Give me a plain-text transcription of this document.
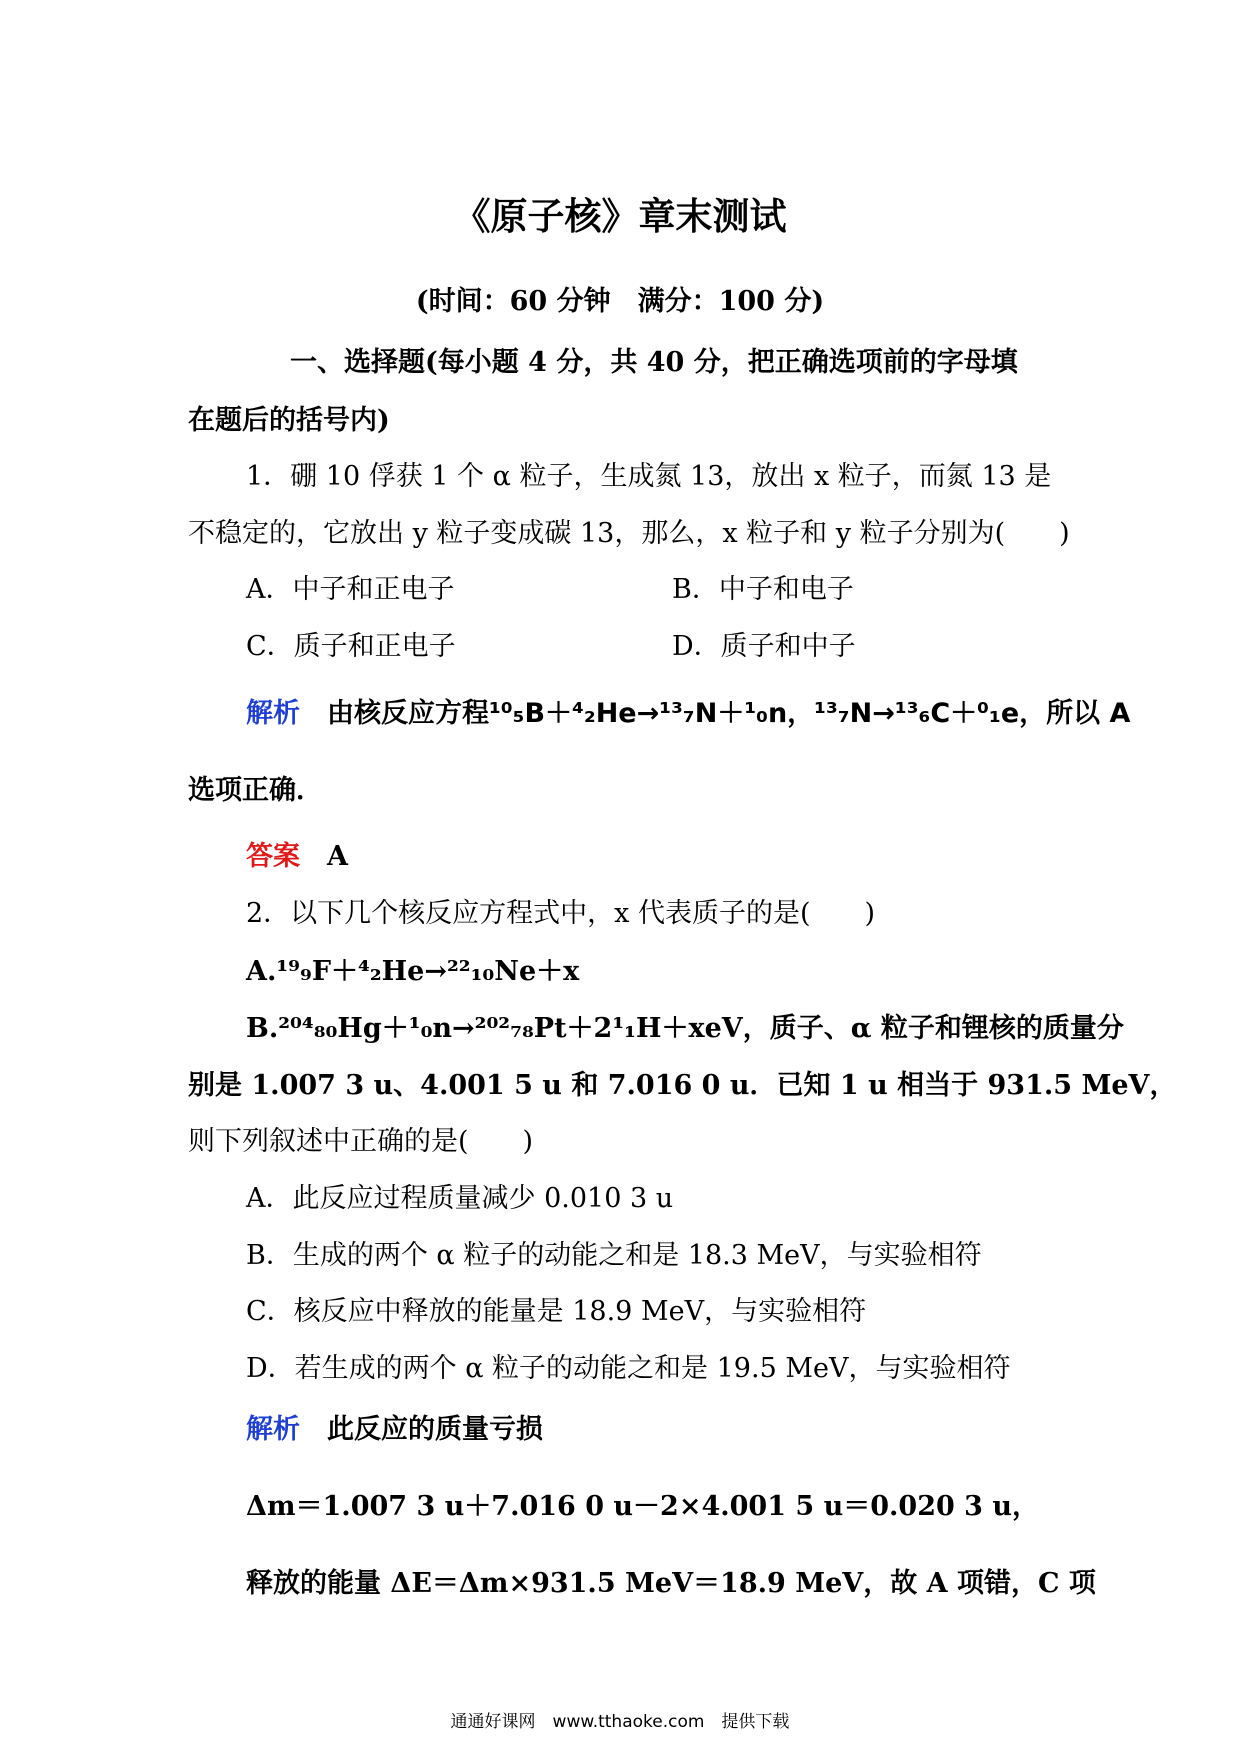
《原子核》章末测试
(时间：60 分钟　满分：100 分)
一、选择题(每小题 4 分，共 40 分，把正确选项前的字母填
在题后的括号内)
1．硼 10 俘获 1 个 α 粒子，生成氮 13，放出 x 粒子，而氮 13 是
不稳定的，它放出 y 粒子变成碳 13，那么，x 粒子和 y 粒子分别为(　　)
A．中子和正电子	B．中子和电子
C．质子和正电子	D．质子和中子
解析　 由核反应方程¹⁰₅B＋⁴₂He→¹³₇N＋¹₀n，¹³₇N→¹³₆C＋⁰₁e，所以 A
选项正确．
答案　 A
2．以下几个核反应方程式中，x 代表质子的是(　　)
A.¹⁹₉F＋⁴₂He→²²₁₀Ne＋x
B.²⁰⁴₈₀Hg＋¹₀n→²⁰²₇₈Pt＋2¹₁H＋xeV，质子、α 粒子和锂核的质量分
别是 1.007 3 u、4.001 5 u 和 7.016 0 u．已知 1 u 相当于 931.5 MeV，
则下列叙述中正确的是(　　)
A．此反应过程质量减少 0.010 3 u
B．生成的两个 α 粒子的动能之和是 18.3 MeV，与实验相符
C．核反应中释放的能量是 18.9 MeV，与实验相符
D．若生成的两个 α 粒子的动能之和是 19.5 MeV，与实验相符
解析　 此反应的质量亏损
Δm＝1.007 3 u＋7.016 0 u－2×4.001 5 u＝0.020 3 u，
释放的能量 ΔE＝Δm×931.5 MeV＝18.9 MeV，故 A 项错，C 项
通通好课网　www.tthaoke.com　提供下载
